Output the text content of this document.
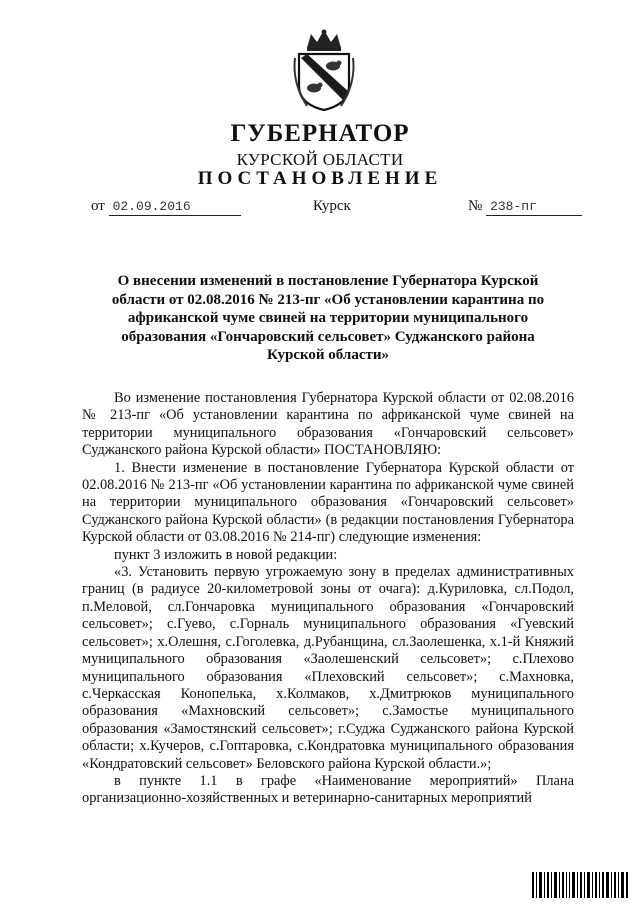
ГУБЕРНАТОР
КУРСКОЙ ОБЛАСТИ
ПОСТАНОВЛЕНИЕ
от 02.09.2016	Курск	№ 238-пг
О внесении изменений в постановление Губернатора Курской области от 02.08.2016 № 213-пг «Об установлении карантина по африканской чуме свиней на территории муниципального образования «Гончаровский сельсовет» Суджанского района Курской области»

Во изменение постановления Губернатора Курской области от 02.08.2016 № 213-пг «Об установлении карантина по африканской чуме свиней на территории муниципального образования «Гончаровский сельсовет» Суджанского района Курской области» ПОСТАНОВЛЯЮ:

1. Внести изменение в постановление Губернатора Курской области от 02.08.2016 № 213-пг «Об установлении карантина по африканской чуме свиней на территории муниципального образования «Гончаровский сельсовет» Суджанского района Курской области» (в редакции постановления Губернатора Курской области от 03.08.2016 № 214-пг) следующие изменения:

пункт 3 изложить в новой редакции:

«3. Установить первую угрожаемую зону в пределах административных границ (в радиусе 20-километровой зоны от очага): д.Куриловка, сл.Подол, п.Меловой, сл.Гончаровка муниципального образования «Гончаровский сельсовет»; с.Гуево, с.Горналь муниципального образования «Гуевский сельсовет»; х.Олешня, с.Гоголевка, д.Рубанщина, сл.Заолешенка, х.1-й Княжий муниципального образования «Заолешенский сельсовет»; с.Плехово муниципального образования «Плеховский сельсовет»; с.Махновка, с.Черкасская Конопелька, х.Колмаков, х.Дмитрюков муниципального образования «Махновский сельсовет»; с.Замостье муниципального образования «Замостянский сельсовет»; г.Суджа Суджанского района Курской области; х.Кучеров, с.Гоптаровка, с.Кондратовка муниципального образования «Кондратовский сельсовет» Беловского района Курской области.»;

в пункте 1.1 в графе «Наименование мероприятий» Плана организационно-хозяйственных и ветеринарно-санитарных мероприятий
